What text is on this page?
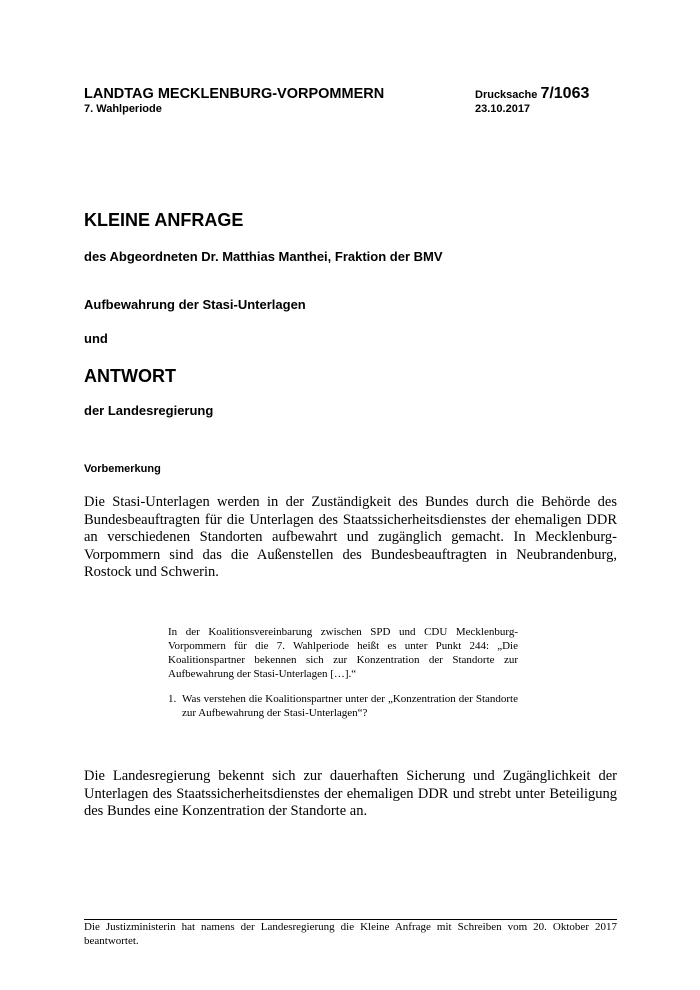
LANDTAG MECKLENBURG-VORPOMMERN
7. Wahlperiode
Drucksache 7/1063
23.10.2017
KLEINE ANFRAGE
des Abgeordneten Dr. Matthias Manthei, Fraktion der BMV
Aufbewahrung der Stasi-Unterlagen
und
ANTWORT
der Landesregierung
Vorbemerkung
Die Stasi-Unterlagen werden in der Zuständigkeit des Bundes durch die Behörde des Bundesbeauftragten für die Unterlagen des Staatssicherheitsdienstes der ehemaligen DDR an verschiedenen Standorten aufbewahrt und zugänglich gemacht. In Mecklenburg-Vorpommern sind das die Außenstellen des Bundesbeauftragten in Neubrandenburg, Rostock und Schwerin.
In der Koalitionsvereinbarung zwischen SPD und CDU Mecklenburg-Vorpommern für die 7. Wahlperiode heißt es unter Punkt 244: „Die Koalitionspartner bekennen sich zur Konzentration der Standorte zur Aufbewahrung der Stasi-Unterlagen […].“
1. Was verstehen die Koalitionspartner unter der „Konzentration der Standorte zur Aufbewahrung der Stasi-Unterlagen“?
Die Landesregierung bekennt sich zur dauerhaften Sicherung und Zugänglichkeit der Unterlagen des Staatssicherheitsdienstes der ehemaligen DDR und strebt unter Beteiligung des Bundes eine Konzentration der Standorte an.
Die Justizministerin hat namens der Landesregierung die Kleine Anfrage mit Schreiben vom 20. Oktober 2017 beantwortet.
